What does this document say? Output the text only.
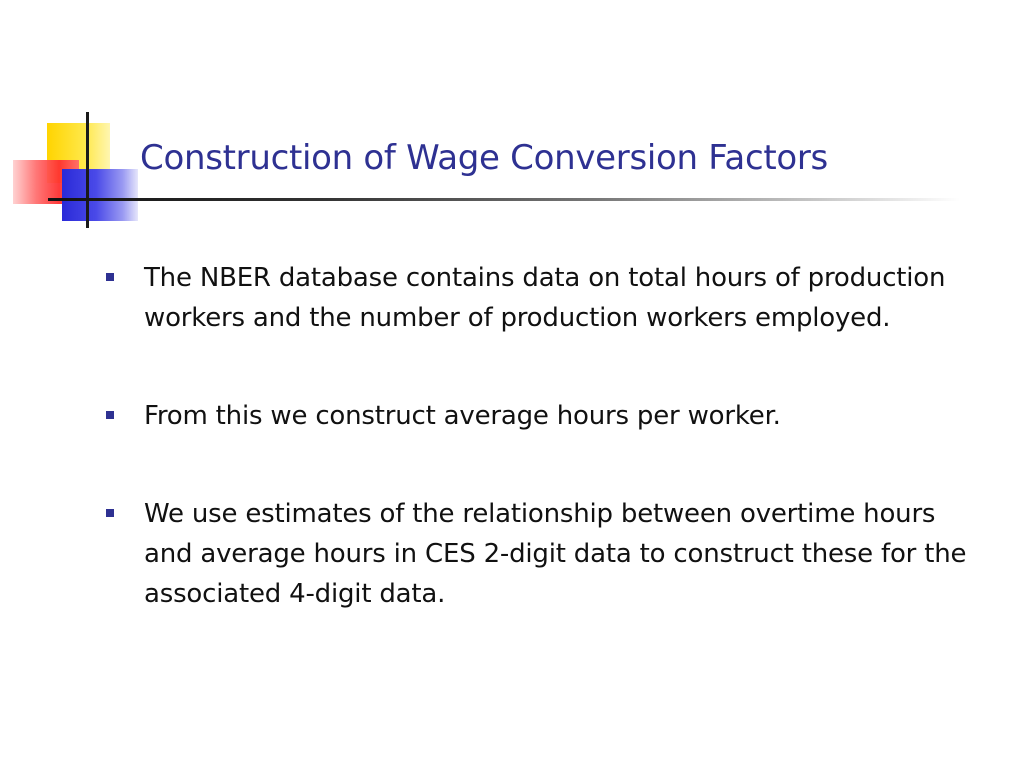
Construction of Wage Conversion Factors
The NBER database contains data on total hours of production workers and the number of production workers employed.
From this we construct average hours per worker.
We use estimates of the relationship between overtime hours and average hours in CES 2-digit data to construct these for the associated 4-digit data.
